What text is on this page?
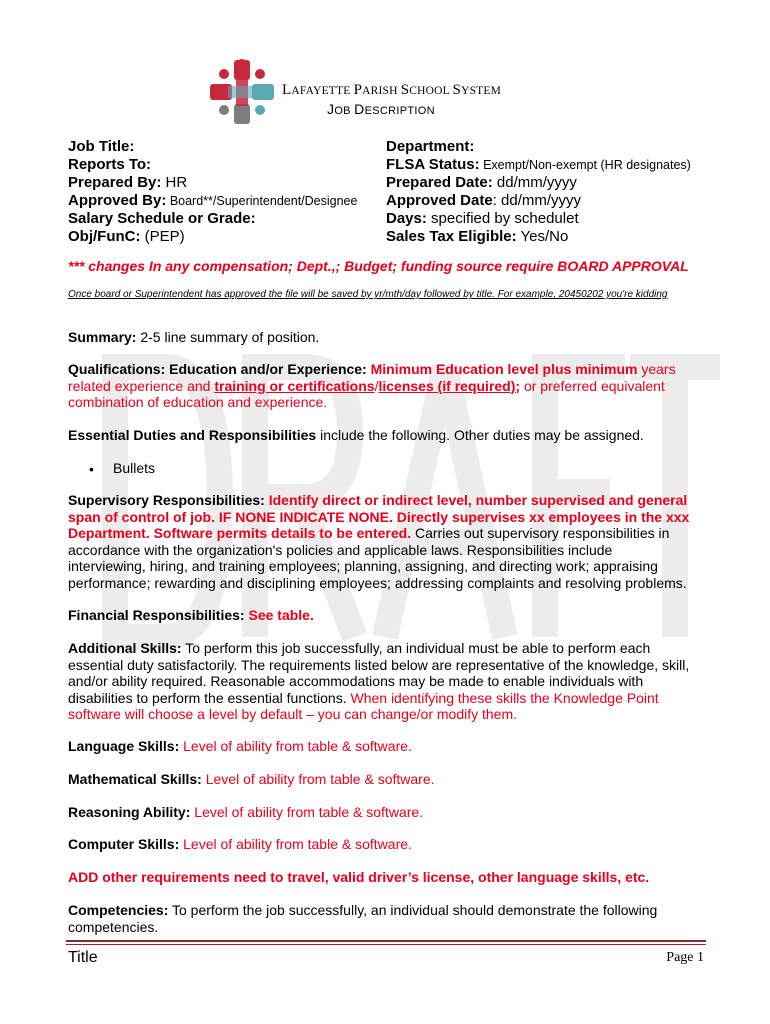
LAFAYETTE PARISH SCHOOL SYSTEM
JOB DESCRIPTION
Job Title:
Reports To:
Prepared By: HR
Approved By: Board**/Superintendent/Designee
Salary Schedule or Grade:
Obj/FunC: (PEP)
Department:
FLSA Status: Exempt/Non-exempt (HR designates)
Prepared Date: dd/mm/yyyy
Approved Date: dd/mm/yyyy
Days: specified by schedulet
Sales Tax Eligible: Yes/No
*** changes In any compensation; Dept.,; Budget; funding source require BOARD APPROVAL
Once board or Superintendent has approved the file will be saved by yr/mth/day followed by title. For example, 20450202 you're kidding
Summary: 2-5 line summary of position.
Qualifications: Education and/or Experience: Minimum Education level plus minimum years related experience and training or certifications/licenses (if required); or preferred equivalent combination of education and experience.
Essential Duties and Responsibilities include the following. Other duties may be assigned.
• Bullets
Supervisory Responsibilities: Identify direct or indirect level, number supervised and general span of control of job. IF NONE INDICATE NONE. Directly supervises xx employees in the xxx Department. Software permits details to be entered. Carries out supervisory responsibilities in accordance with the organization's policies and applicable laws. Responsibilities include interviewing, hiring, and training employees; planning, assigning, and directing work; appraising performance; rewarding and disciplining employees; addressing complaints and resolving problems.
Financial Responsibilities: See table.
Additional Skills: To perform this job successfully, an individual must be able to perform each essential duty satisfactorily. The requirements listed below are representative of the knowledge, skill, and/or ability required. Reasonable accommodations may be made to enable individuals with disabilities to perform the essential functions. When identifying these skills the Knowledge Point software will choose a level by default – you can change/or modify them.
Language Skills: Level of ability from table & software.
Mathematical Skills: Level of ability from table & software.
Reasoning Ability: Level of ability from table & software.
Computer Skills: Level of ability from table & software.
ADD other requirements need to travel, valid driver’s license, other language skills, etc.
Competencies: To perform the job successfully, an individual should demonstrate the following competencies.
Title	Page 1
